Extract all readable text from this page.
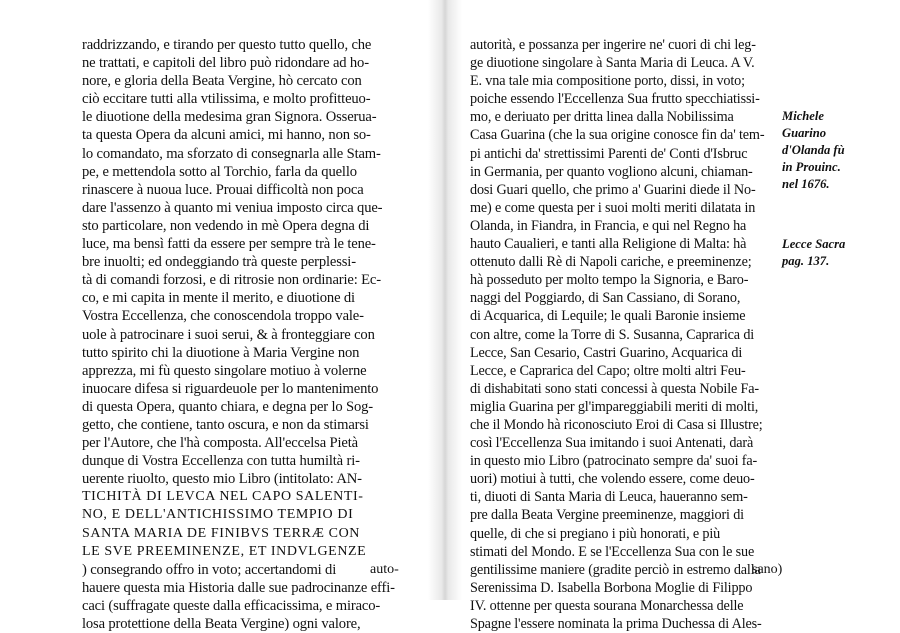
raddrizzando, e tirando per questo tutto quello, che
ne trattati, e capitoli del libro può ridondare ad ho-
nore, e gloria della Beata Vergine, hò cercato con
ciò eccitare tutti alla vtilissima, e molto profitteuo-
le diuotione della medesima gran Signora. Osserua-
ta questa Opera da alcuni amici, mi hanno, non so-
lo comandato, ma sforzato di consegnarla alle Stam-
pe, e mettendola sotto al Torchio, farla da quello
rinascere à nuoua luce. Prouai difficoltà non poca
dare l'assenzo à quanto mi veniua imposto circa que-
sto particolare, non vedendo in mè Opera degna di
luce, ma bensì fatti da essere per sempre trà le tene-
bre inuolti; ed ondeggiando trà queste perplessi-
tà di comandi forzosi, e di ritrosie non ordinarie: Ec-
co, e mi capita in mente il merito, e diuotione di
Vostra Eccellenza, che conoscendola troppo vale-
uole à patrocinare i suoi serui, & à fronteggiare con
tutto spirito chi la diuotione à Maria Vergine non
apprezza, mi fù questo singolare motiuo à volerne
inuocare difesa si riguardeuole per lo mantenimento
di questa Opera, quanto chiara, e degna per lo Sog-
getto, che contiene, tanto oscura, e non da stimarsi
per l'Autore, che l'hà composta. All'eccelsa Pietà
dunque di Vostra Eccellenza con tutta humiltà ri-
uerente riuolto, questo mio Libro (intitolato: AN-
TICHITÀ DI LEVCA NEL CAPO SALENTI-
NO, E DELL'ANTICHISSIMO TEMPIO DI
SANTA MARIA DE FINIBVS TERRÆ CON
LE SVE PREEMINENZE, ET INDVLGENZE
) consegrando offro in voto; accertandomi di
hauere questa mia Historia dalle sue padrocinanze effi-
caci (suffragate queste dalla efficacissima, e miraco-
losa protettione della Beata Vergine) ogni valore,
auto-
autorità, e possanza per ingerire ne' cuori di chi leg-
ge diuotione singolare à Santa Maria di Leuca. A V.
E. vna tale mia compositione porto, dissi, in voto;
poiche essendo l'Eccellenza Sua frutto specchiatissi-
mo, e deriuato per dritta linea dalla Nobilissima
Casa Guarina (che la sua origine conosce fin da' tem-
pi antichi da' strettissimi Parenti de' Conti d'Isbruc
in Germania, per quanto vogliono alcuni, chiaman-
dosi Guari quello, che primo a' Guarini diede il No-
me) e come questa per i suoi molti meriti dilatata in
Olanda, in Fiandra, in Francia, e qui nel Regno ha
hauto Caualieri, e tanti alla Religione di Malta: hà
ottenuto dalli Rè di Napoli cariche, e preeminenze;
hà posseduto per molto tempo la Signoria, e Baro-
naggi del Poggiardo, di San Cassiano, di Sorano,
di Acquarica, di Lequile; le quali Baronie insieme
con altre, come la Torre di S. Susanna, Caprarica di
Lecce, San Cesario, Castri Guarino, Acquarica di
Lecce, e Caprarica del Capo; oltre molti altri Feu-
di dishabitati sono stati concessi à questa Nobile Fa-
miglia Guarina per gl'impareggiabili meriti di molti,
che il Mondo hà riconosciuto Eroi di Casa si Illustre;
così l'Eccellenza Sua imitando i suoi Antenati, darà
in questo mio Libro (patrocinato sempre da' suoi fa-
uori) motiui à tutti, che volendo essere, come deuo-
ti, diuoti di Santa Maria di Leuca, haueranno sem-
pre dalla Beata Vergine preeminenze, maggiori di
quelle, di che si pregiano i più honorati, e più
stimati del Mondo. E se l'Eccellenza Sua con le sue
gentilissime maniere (gradite perciò in estremo dalla
Serenissima D. Isabella Borbona Moglie di Filippo
IV. ottenne per questa sourana Monarchessa delle
Spagne l'essere nominata la prima Duchessa di Ales-
sano)
Michele
Guarino
d'Olanda fù
in Prouinc.
nel 1676.
Lecce Sacra
pag. 137.
